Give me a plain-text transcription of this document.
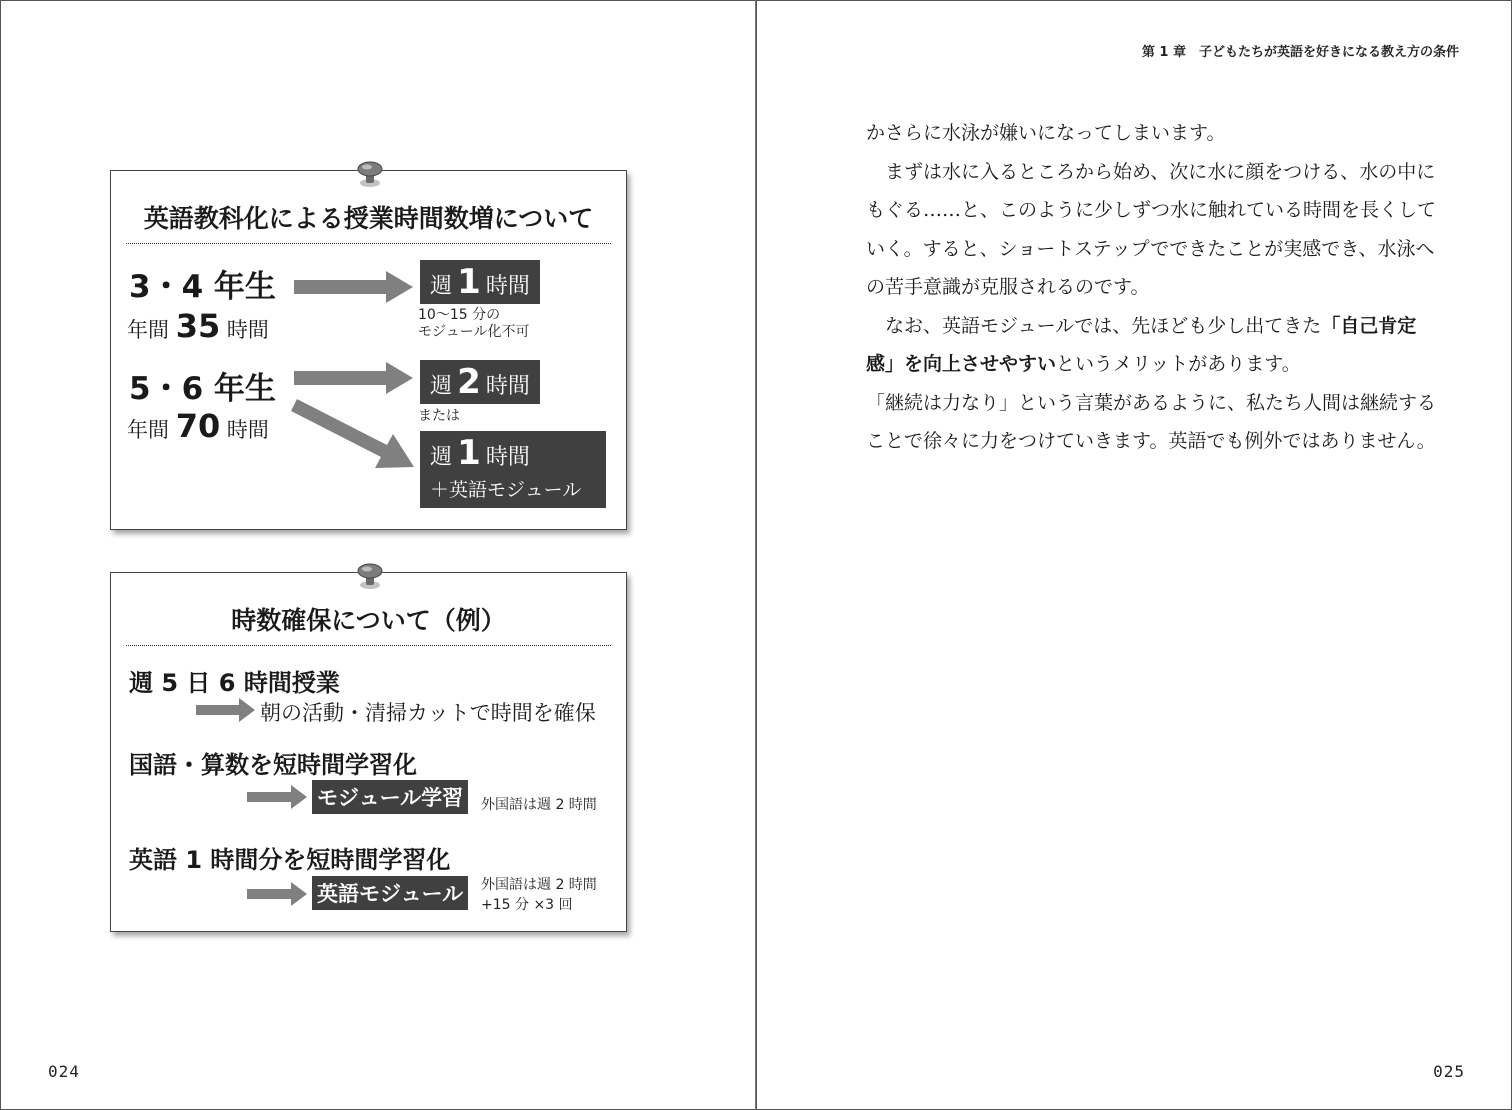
英語教科化による授業時間数増について
3・4 年生
年間 35 時間
週 1 時間
10〜15 分の
モジュール化不可
5・6 年生
年間 70 時間
週 2 時間
または
週 1 時間
＋英語モジュール
時数確保について（例）
週 5 日 6 時間授業
朝の活動・清掃カットで時間を確保
国語・算数を短時間学習化
モジュール学習	外国語は週 2 時間
英語 1 時間分を短時間学習化
英語モジュール	外国語は週 2 時間
+15 分 ×3 回
024
第 1 章　子どもたちが英語を好きになる教え方の条件
025

かさらに水泳が嫌いになってしまいます。

まずは水に入るところから始め、次に水に顔をつける、水の中にもぐる……と、このように少しずつ水に触れている時間を長くしていく。すると、ショートステップでできたことが実感でき、水泳への苦手意識が克服されるのです。

なお、英語モジュールでは、先ほども少し出てきた「自己肯定感」を向上させやすいというメリットがあります。

「継続は力なり」という言葉があるように、私たち人間は継続することで徐々に力をつけていきます。英語でも例外ではありません。
